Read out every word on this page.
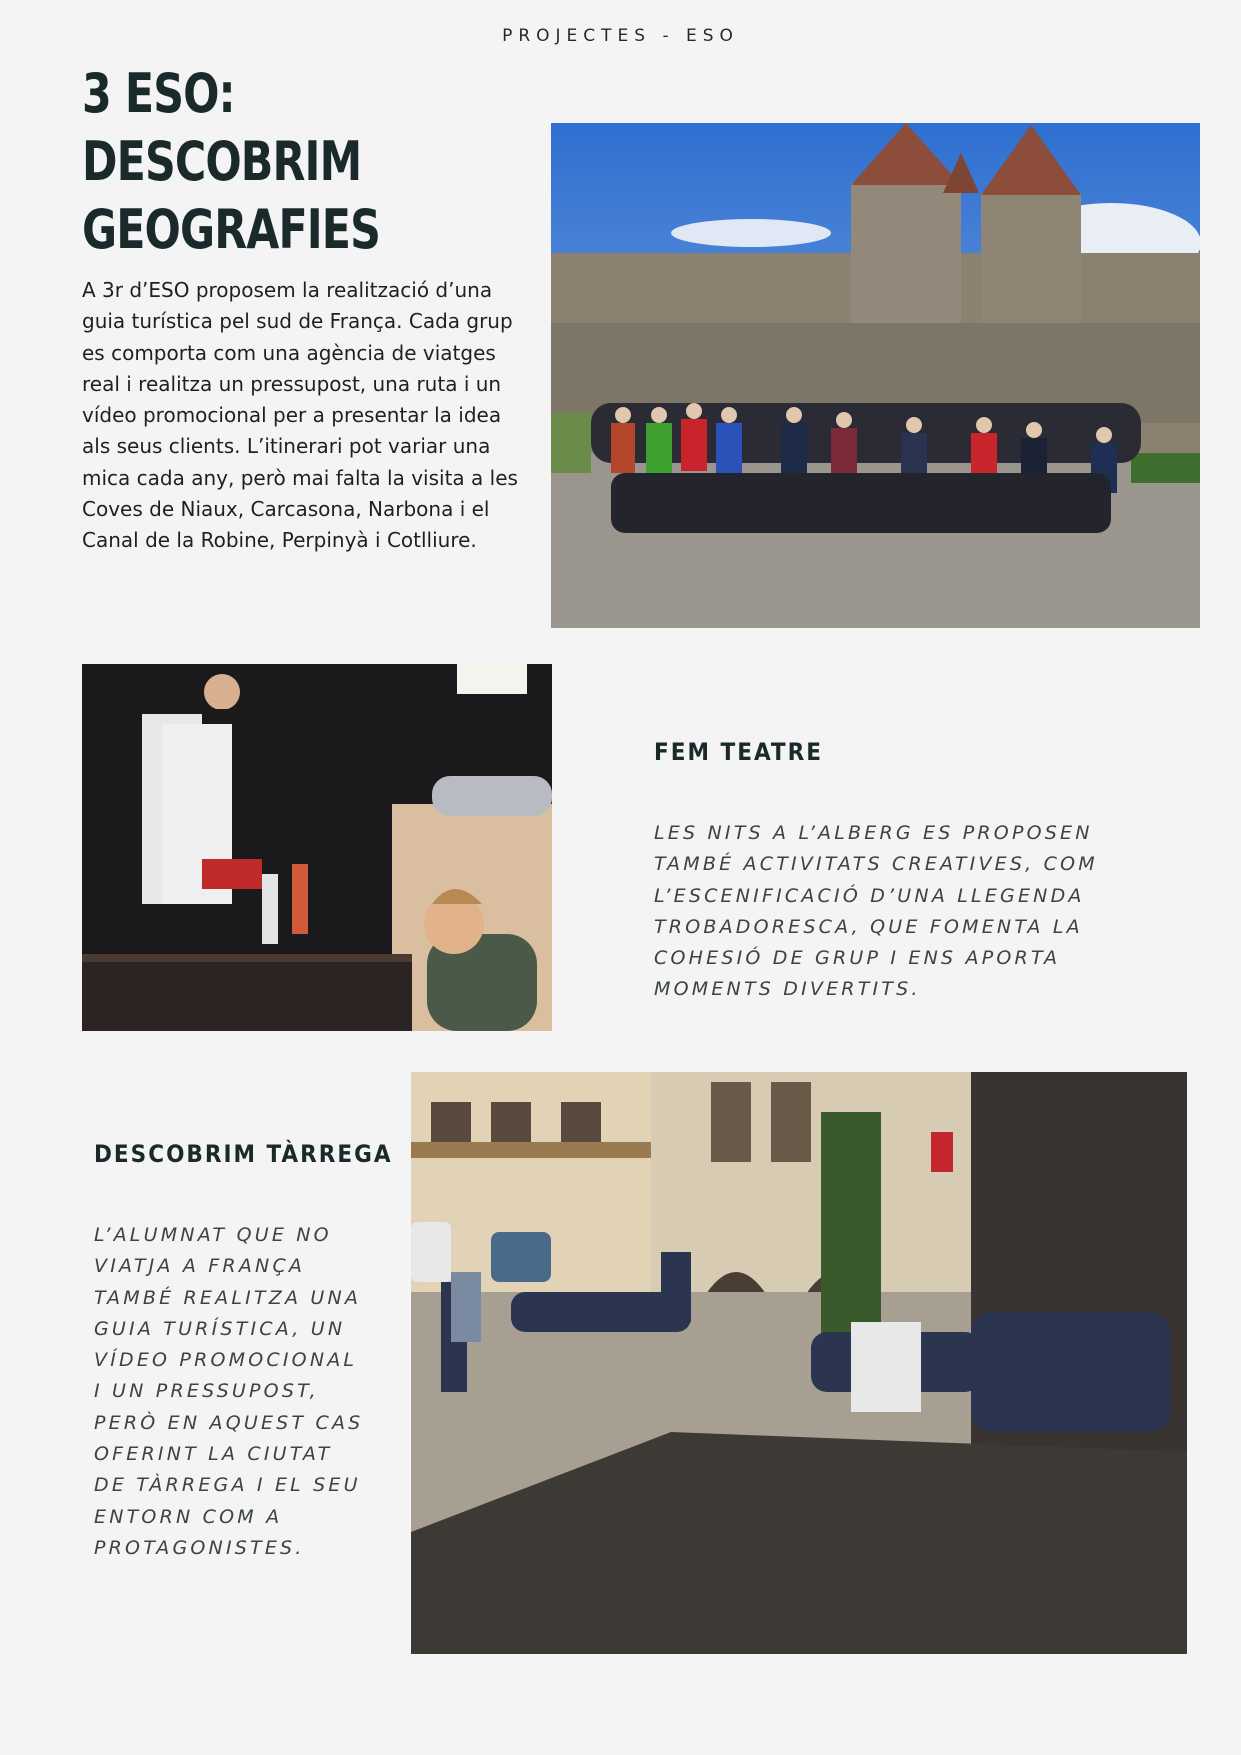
PROJECTES - ESO
3 ESO: DESCOBRIM
GEOGRAFIES

A 3r d’ESO proposem la realització d’una guia turística pel sud de França. Cada grup es comporta com una agència de viatges real i realitza un pressupost, una ruta i un vídeo promocional per a presentar la idea als seus clients. L’itinerari pot variar una mica cada any, però mai falta la visita a les Coves de Niaux, Carcasona, Narbona i el Canal de la Robine, Perpinyà i Cotlliure.

FEM TEATRE

LES NITS A L’ALBERG ES PROPOSEN TAMBÉ ACTIVITATS CREATIVES, COM L’ESCENIFICACIÓ D’UNA LLEGENDA TROBADORESCA, QUE FOMENTA LA COHESIÓ DE GRUP I ENS APORTA MOMENTS DIVERTITS.

DESCOBRIM TÀRREGA

L’ALUMNAT QUE NO VIATJA A FRANÇA TAMBÉ REALITZA UNA GUIA TURÍSTICA, UN VÍDEO PROMOCIONAL I UN PRESSUPOST, PERÒ EN AQUEST CAS OFERINT LA CIUTAT DE TÀRREGA I EL SEU ENTORN COM A PROTAGONISTES.
